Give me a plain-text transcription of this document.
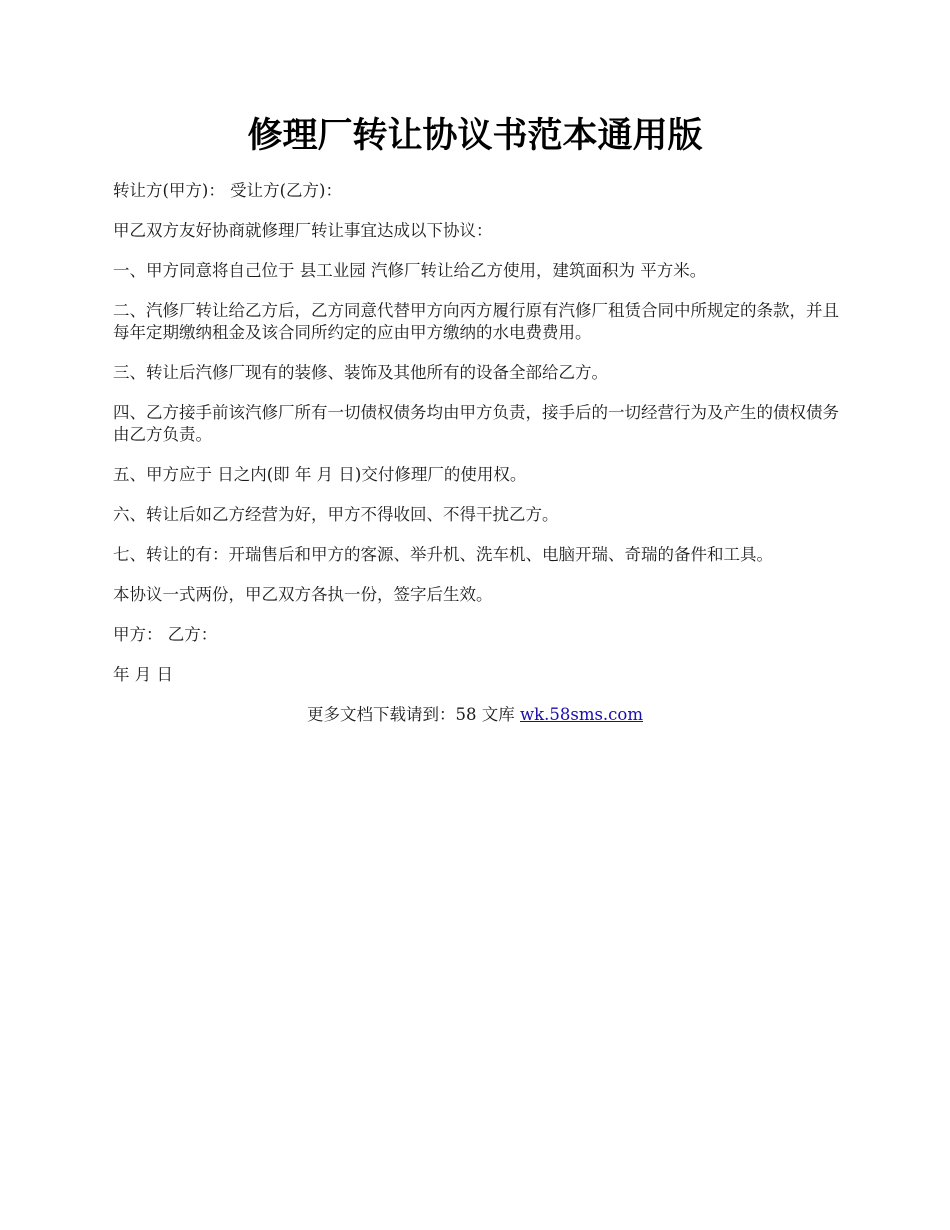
修理厂转让协议书范本通用版

转让方(甲方)： 受让方(乙方)：

甲乙双方友好协商就修理厂转让事宜达成以下协议：

一、甲方同意将自己位于 县工业园 汽修厂转让给乙方使用，建筑面积为 平方米。

二、汽修厂转让给乙方后，乙方同意代替甲方向丙方履行原有汽修厂租赁合同中所规定的条款，并且每年定期缴纳租金及该合同所约定的应由甲方缴纳的水电费费用。

三、转让后汽修厂现有的装修、装饰及其他所有的设备全部给乙方。

四、乙方接手前该汽修厂所有一切债权债务均由甲方负责，接手后的一切经营行为及产生的债权债务由乙方负责。

五、甲方应于 日之内(即 年 月 日)交付修理厂的使用权。

六、转让后如乙方经营为好，甲方不得收回、不得干扰乙方。

七、转让的有：开瑞售后和甲方的客源、举升机、洗车机、电脑开瑞、奇瑞的备件和工具。

本协议一式两份，甲乙双方各执一份，签字后生效。

甲方： 乙方：

年 月 日

更多文档下载请到：58 文库 wk.58sms.com
